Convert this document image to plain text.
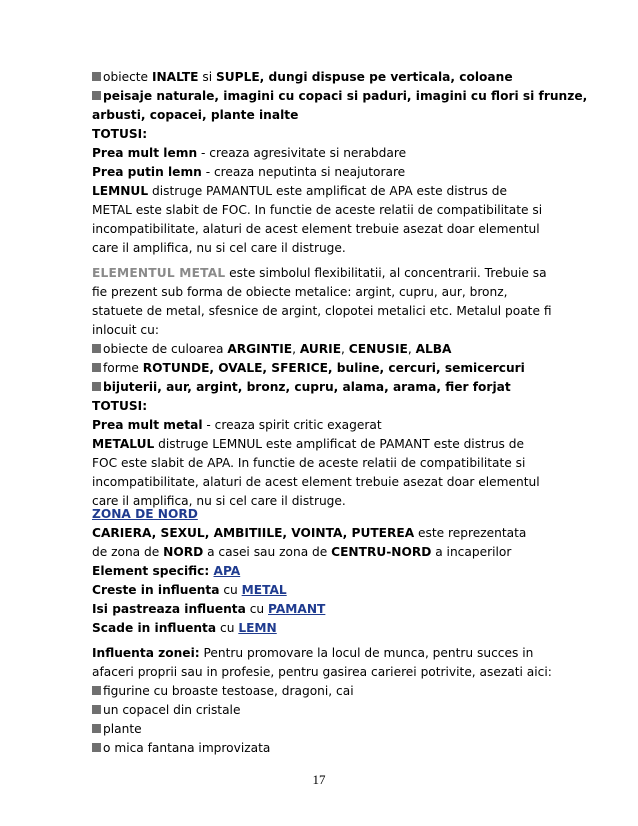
obiecte INALTE si SUPLE, dungi dispuse pe verticala, coloane
peisaje naturale, imagini cu copaci si paduri, imagini cu flori si frunze,
arbusti, copacei, plante inalte
TOTUSI:
Prea mult lemn - creaza agresivitate si nerabdare
Prea putin lemn - creaza neputinta si neajutorare
LEMNUL distruge PAMANTUL este amplificat de APA este distrus de
METAL este slabit de FOC. In functie de aceste relatii de compatibilitate si
incompatibilitate, alaturi de acest element trebuie asezat doar elementul
care il amplifica, nu si cel care il distruge.
ELEMENTUL METAL este simbolul flexibilitatii, al concentrarii. Trebuie sa
fie prezent sub forma de obiecte metalice: argint, cupru, aur, bronz,
statuete de metal, sfesnice de argint, clopotei metalici etc. Metalul poate fi
inlocuit cu:
obiecte de culoarea ARGINTIE, AURIE, CENUSIE, ALBA
forme ROTUNDE, OVALE, SFERICE, buline, cercuri, semicercuri
bijuterii, aur, argint, bronz, cupru, alama, arama, fier forjat
TOTUSI:
Prea mult metal - creaza spirit critic exagerat
METALUL distruge LEMNUL este amplificat de PAMANT este distrus de
FOC este slabit de APA. In functie de aceste relatii de compatibilitate si
incompatibilitate, alaturi de acest element trebuie asezat doar elementul
care il amplifica, nu si cel care il distruge.
ZONA DE NORD
CARIERA, SEXUL, AMBITIILE, VOINTA, PUTEREA este reprezentata
de zona de NORD a casei sau zona de CENTRU-NORD a incaperilor
Element specific: APA
Creste in influenta cu METAL
Isi pastreaza influenta cu PAMANT
Scade in influenta cu LEMN
Influenta zonei: Pentru promovare la locul de munca, pentru succes in
afaceri proprii sau in profesie, pentru gasirea carierei potrivite, asezati aici:
figurine cu broaste testoase, dragoni, cai
un copacel din cristale
plante
o mica fantana improvizata
17
